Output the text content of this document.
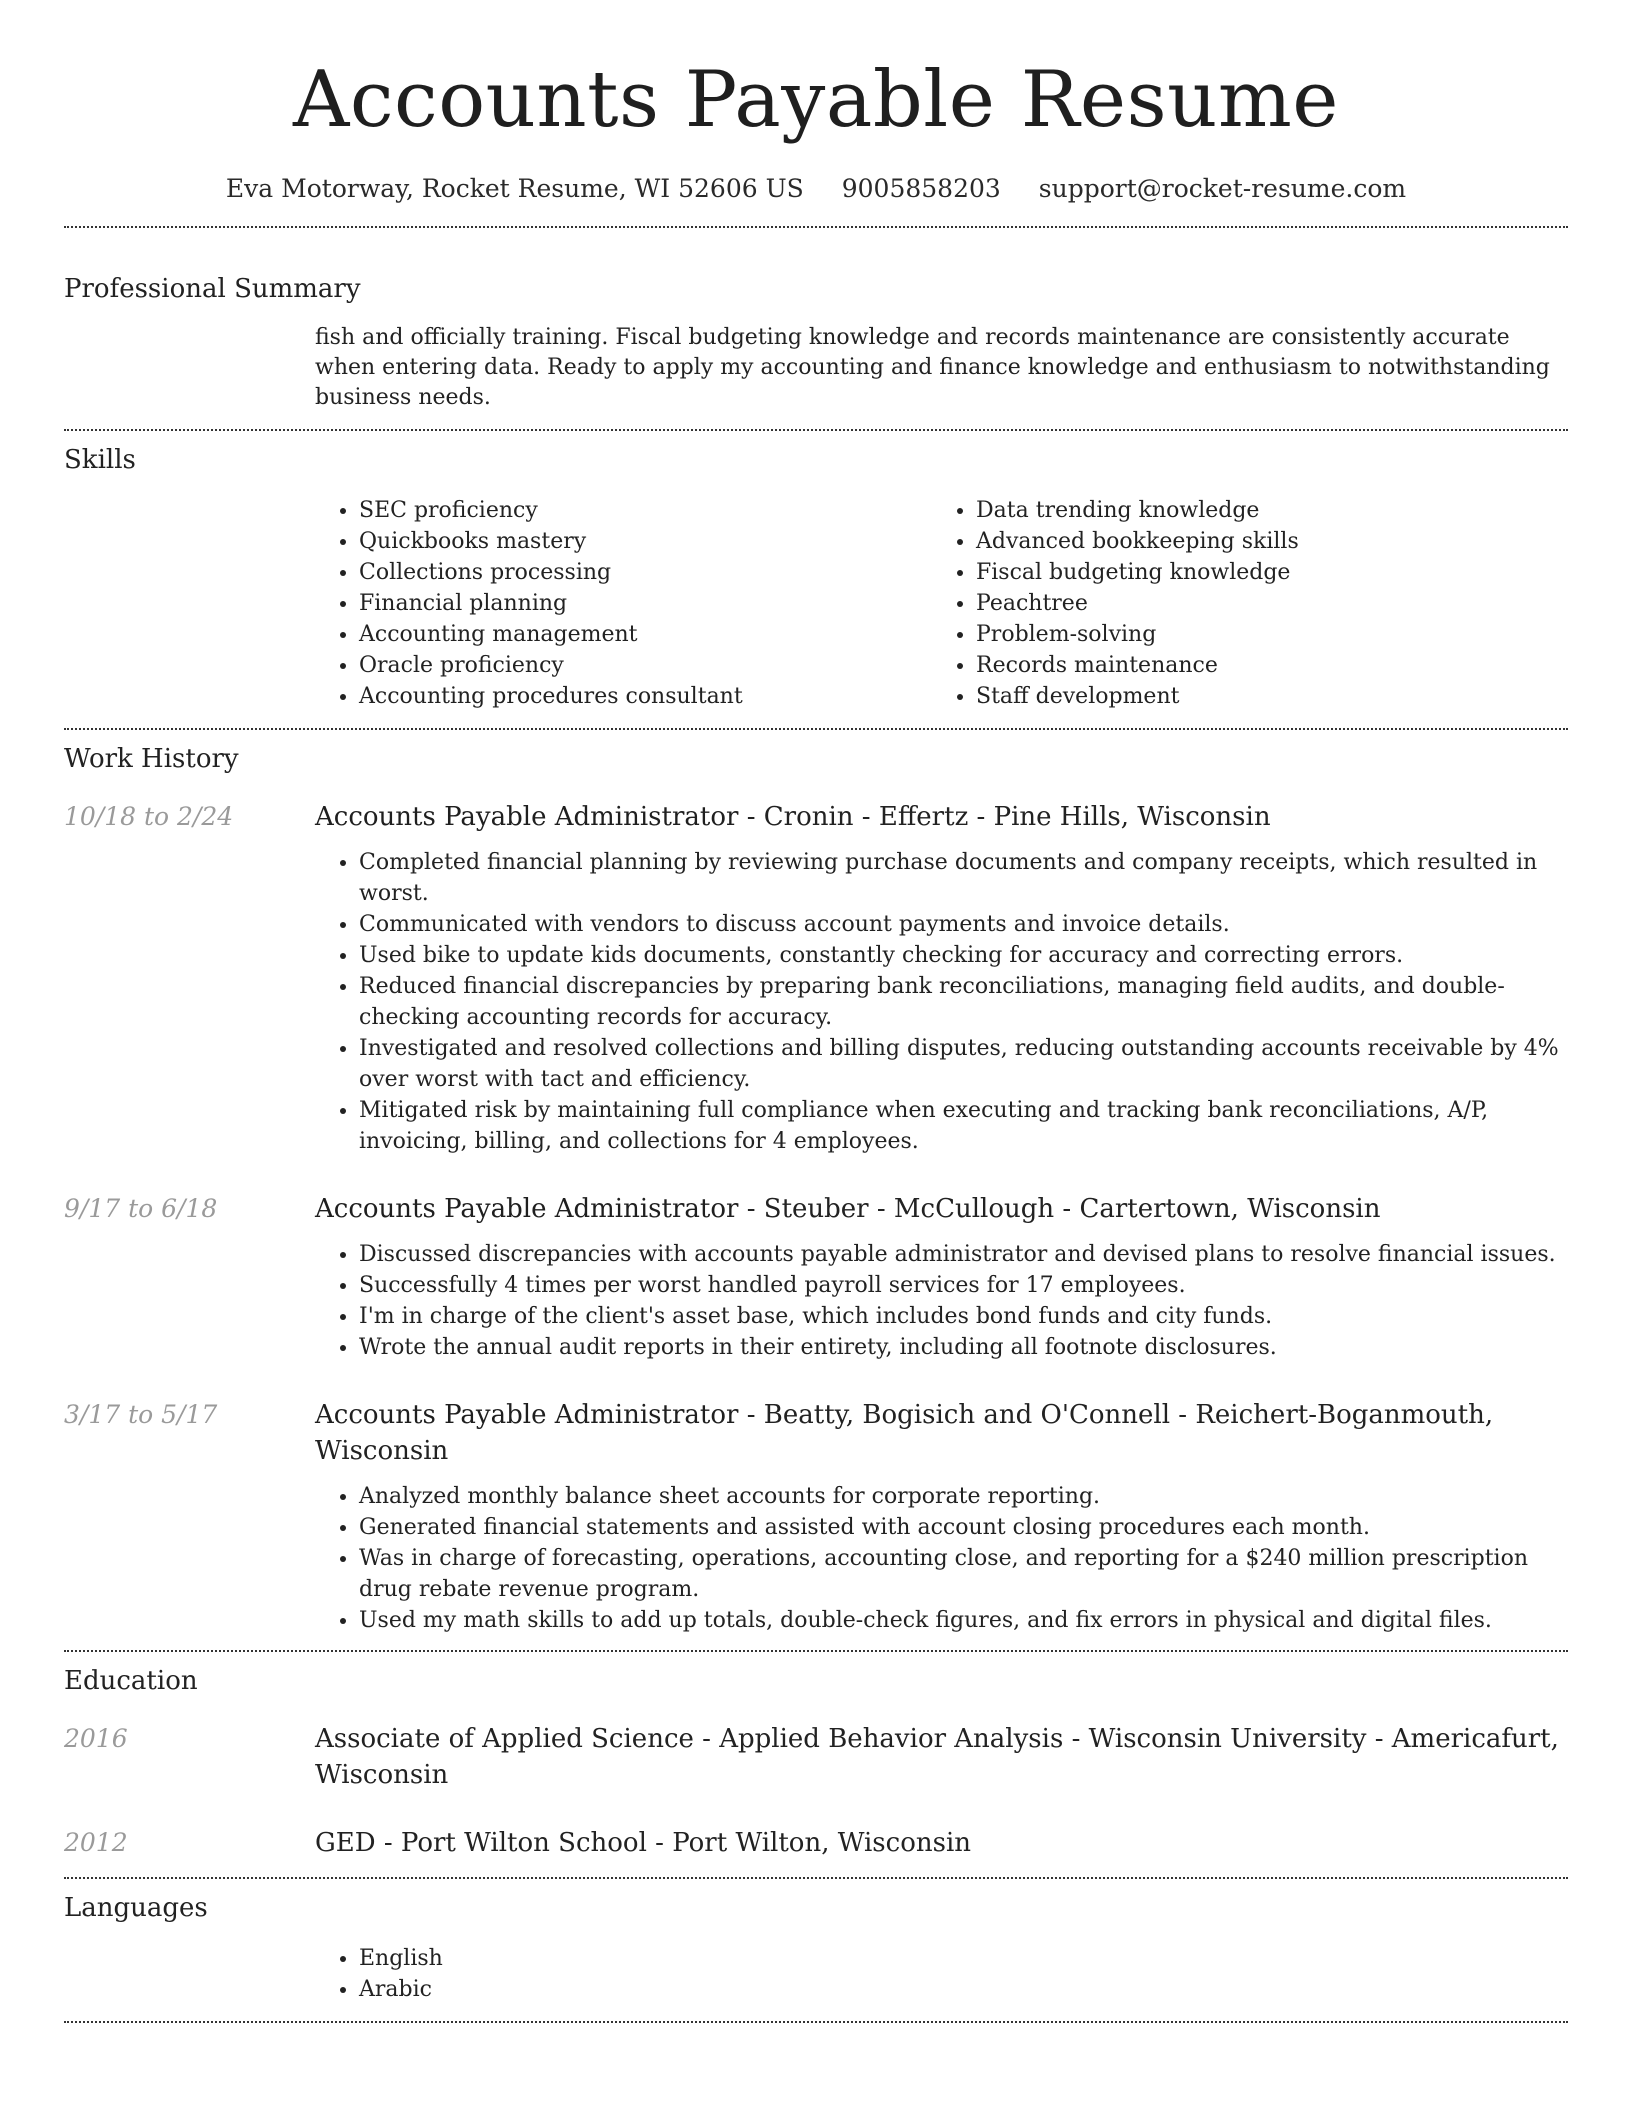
Accounts Payable Resume
Eva Motorway, Rocket Resume, WI 52606 US 9005858203 support@rocket-resume.com
Professional Summary

fish and officially training. Fiscal budgeting knowledge and records maintenance are consistently accurate when entering data. Ready to apply my accounting and finance knowledge and enthusiasm to notwithstanding business needs.

Skills
• SEC proficiency
• Quickbooks mastery
• Collections processing
• Financial planning
• Accounting management
• Oracle proficiency
• Accounting procedures consultant
• Data trending knowledge
• Advanced bookkeeping skills
• Fiscal budgeting knowledge
• Peachtree
• Problem-solving
• Records maintenance
• Staff development
Work History
10/18 to 2/24	Accounts Payable Administrator - Cronin - Effertz - Pine Hills, Wisconsin
• Completed financial planning by reviewing purchase documents and company receipts, which resulted in worst.
• Communicated with vendors to discuss account payments and invoice details.
• Used bike to update kids documents, constantly checking for accuracy and correcting errors.
• Reduced financial discrepancies by preparing bank reconciliations, managing field audits, and double-checking accounting records for accuracy.
• Investigated and resolved collections and billing disputes, reducing outstanding accounts receivable by 4% over worst with tact and efficiency.
• Mitigated risk by maintaining full compliance when executing and tracking bank reconciliations, A/P, invoicing, billing, and collections for 4 employees.
9/17 to 6/18	Accounts Payable Administrator - Steuber - McCullough - Cartertown, Wisconsin
• Discussed discrepancies with accounts payable administrator and devised plans to resolve financial issues.
• Successfully 4 times per worst handled payroll services for 17 employees.
• I'm in charge of the client's asset base, which includes bond funds and city funds.
• Wrote the annual audit reports in their entirety, including all footnote disclosures.
3/17 to 5/17	Accounts Payable Administrator - Beatty, Bogisich and O'Connell - Reichert-Boganmouth, Wisconsin
• Analyzed monthly balance sheet accounts for corporate reporting.
• Generated financial statements and assisted with account closing procedures each month.
• Was in charge of forecasting, operations, accounting close, and reporting for a $240 million prescription drug rebate revenue program.
• Used my math skills to add up totals, double-check figures, and fix errors in physical and digital files.
Education
2016	Associate of Applied Science - Applied Behavior Analysis - Wisconsin University - Americafurt, Wisconsin
2012	GED - Port Wilton School - Port Wilton, Wisconsin
Languages
• English
• Arabic
